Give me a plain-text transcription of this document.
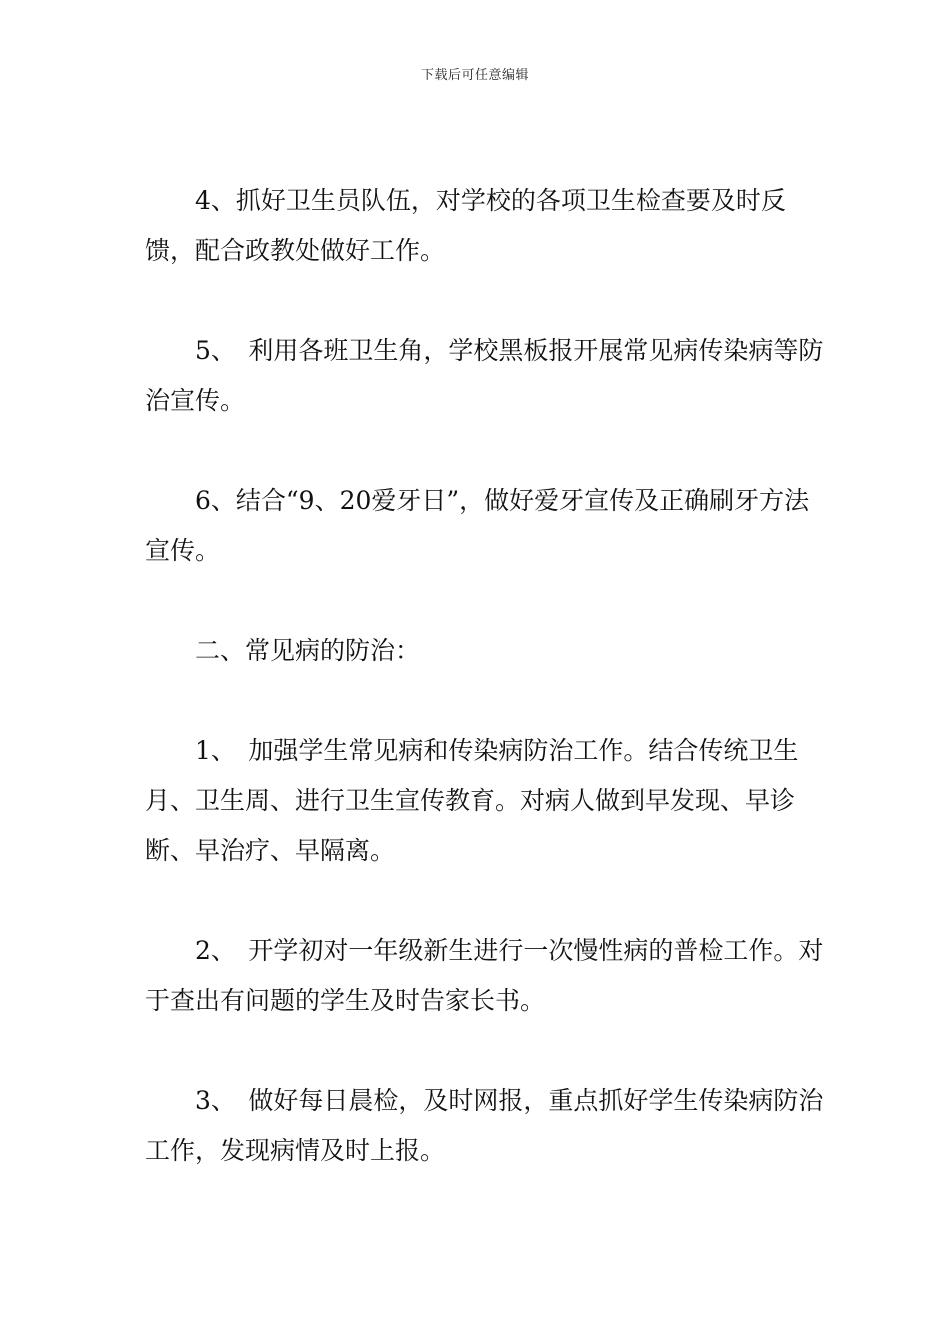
下载后可任意编辑

4、抓好卫生员队伍，对学校的各项卫生检查要及时反馈，配合政教处做好工作。

5、　利用各班卫生角，学校黑板报开展常见病传染病等防治宣传。

6、结合“9、20爱牙日”，做好爱牙宣传及正确刷牙方法宣传。

二、常见病的防治：

1、　加强学生常见病和传染病防治工作。结合传统卫生月、卫生周、进行卫生宣传教育。对病人做到早发现、早诊断、早治疗、早隔离。

2、　开学初对一年级新生进行一次慢性病的普检工作。对于查出有问题的学生及时告家长书。

3、　做好每日晨检，及时网报，重点抓好学生传染病防治工作，发现病情及时上报。
